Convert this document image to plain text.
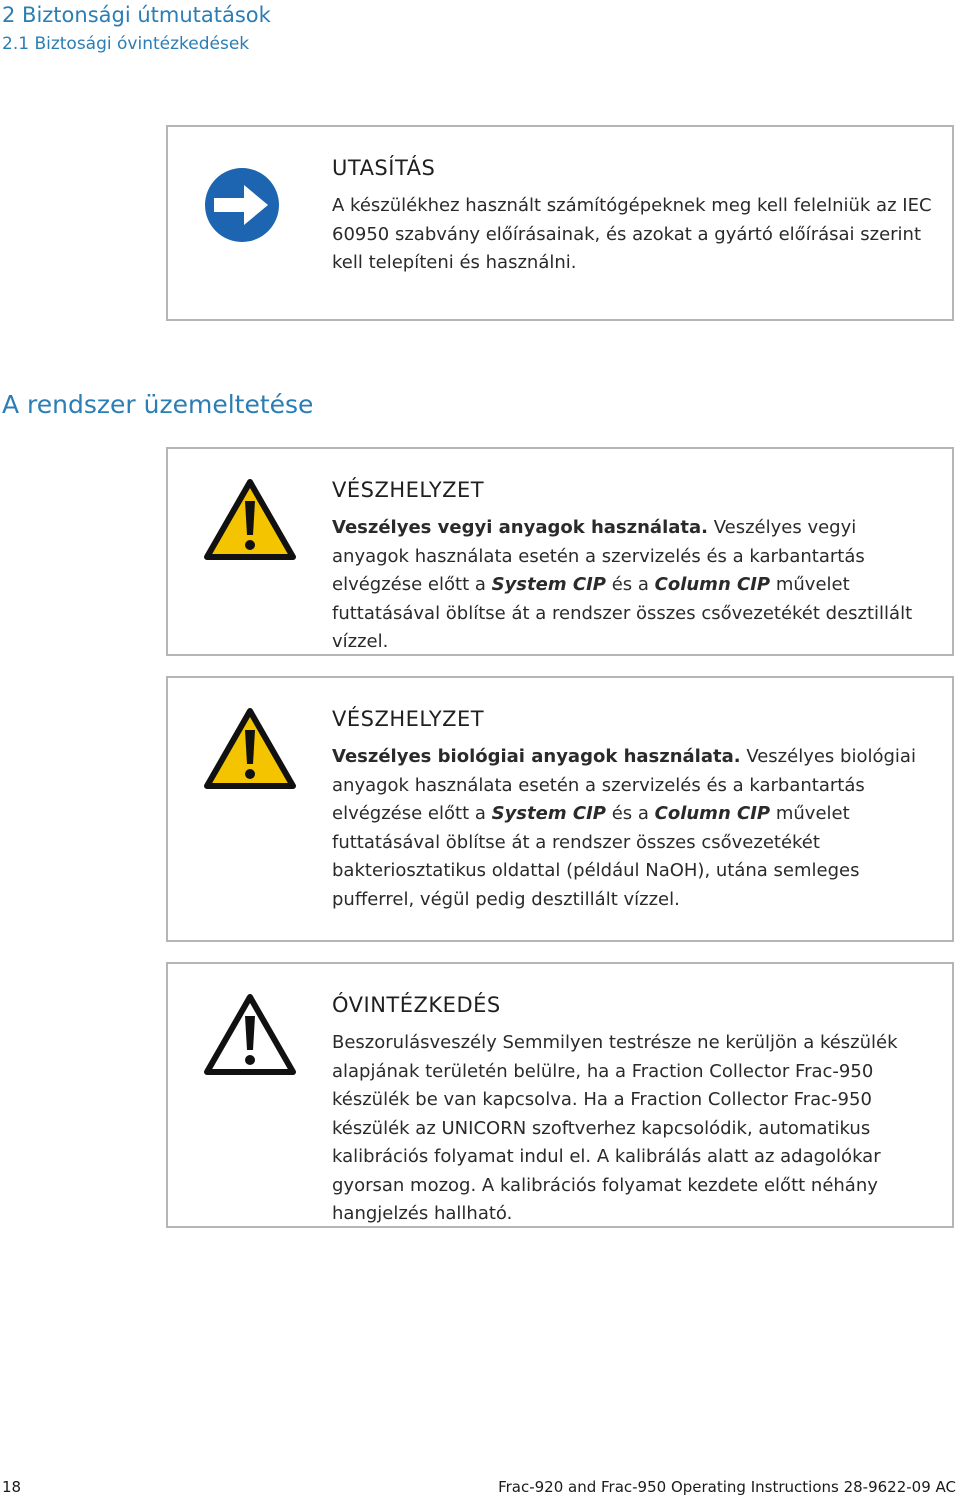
2 Biztonsági útmutatások
2.1 Biztosági óvintézkedések
UTASÍTÁS

A készülékhez használt számítógépeknek meg kell felelniük az IEC 60950 szabvány előírásainak, és azokat a gyártó előírásai szerint kell telepíteni és használni.

A rendszer üzemeltetése
VÉSZHELYZET

Veszélyes vegyi anyagok használata. Veszélyes vegyi anyagok használata esetén a szervizelés és a karbantartás elvégzése előtt a System CIP és a Column CIP művelet futtatásával öblítse át a rendszer összes csővezetékét desztillált vízzel.

VÉSZHELYZET

Veszélyes biológiai anyagok használata. Veszélyes biológiai anyagok használata esetén a szervizelés és a karbantartás elvégzése előtt a System CIP és a Column CIP művelet futtatásával öblítse át a rendszer összes csővezetékét bakteriosztatikus oldattal (például NaOH), utána semleges pufferrel, végül pedig desztillált vízzel.

ÓVINTÉZKEDÉS

Beszorulásveszély Semmilyen testrésze ne kerüljön a készülék alapjának területén belülre, ha a Fraction Collector Frac-950 készülék be van kapcsolva. Ha a Fraction Collector Frac-950 készülék az UNICORN szoftverhez kapcsolódik, automatikus kalibrációs folyamat indul el. A kalibrálás alatt az adagolókar gyorsan mozog. A kalibrációs folyamat kezdete előtt néhány hangjelzés hallható.

18	Frac-920 and Frac-950 Operating Instructions 28-9622-09 AC
